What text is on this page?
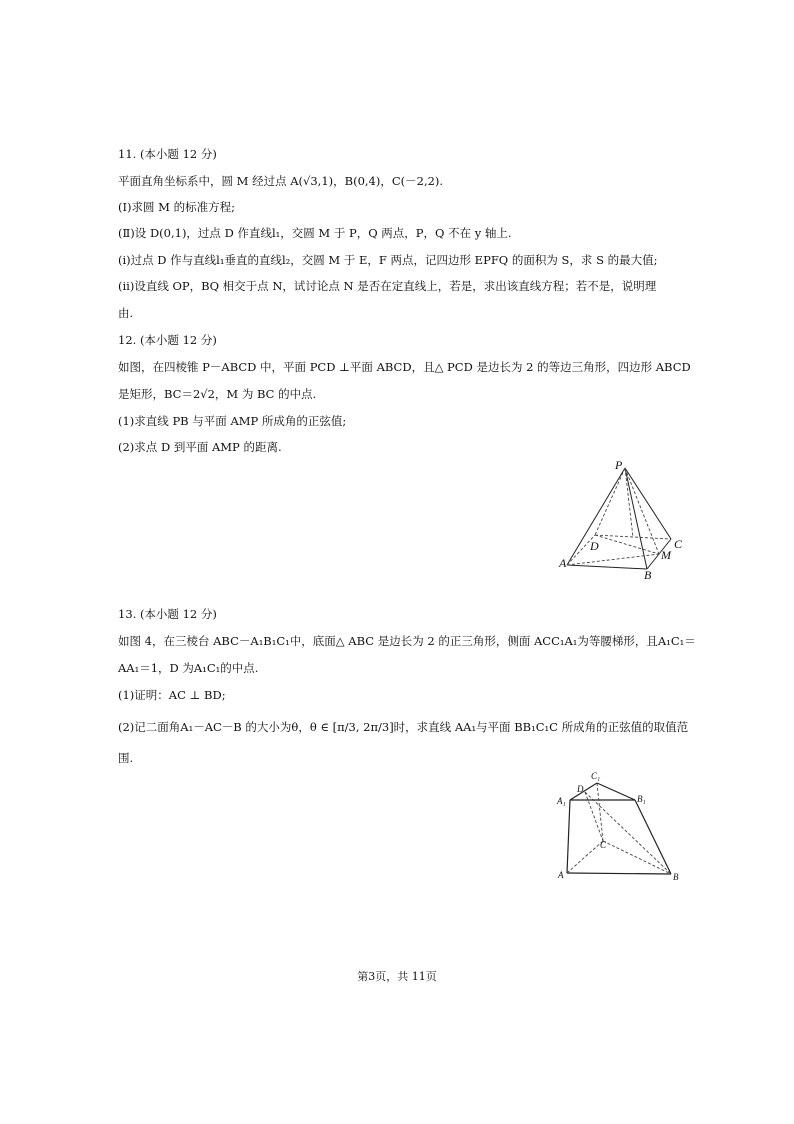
11. (本小题 12 分)
平面直角坐标系中，圆 M 经过点 A(√3,1)，B(0,4)，C(－2,2).
(Ⅰ)求圆 M 的标准方程;
(Ⅱ)设 D(0,1)，过点 D 作直线l₁，交圆 M 于 P，Q 两点，P，Q 不在 y 轴上.
(ⅰ)过点 D 作与直线l₁垂直的直线l₂，交圆 M 于 E，F 两点，记四边形 EPFQ 的面积为 S，求 S 的最大值;
(ⅱ)设直线 OP，BQ 相交于点 N，试讨论点 N 是否在定直线上，若是，求出该直线方程；若不是，说明理
由.
12. (本小题 12 分)
如图，在四棱锥 P－ABCD 中，平面 PCD ⊥平面 ABCD，且△ PCD 是边长为 2 的等边三角形，四边形 ABCD
是矩形，BC＝2√2，M 为 BC 的中点.
(1)求直线 PB 与平面 AMP 所成角的正弦值;
(2)求点 D 到平面 AMP 的距离.
P
D	C
M
A
B
13. (本小题 12 分)
如图 4，在三棱台 ABC－A₁B₁C₁中，底面△ ABC 是边长为 2 的正三角形，侧面 ACC₁A₁为等腰梯形，且A₁C₁＝
AA₁＝1，D 为A₁C₁的中点.
(1)证明：AC ⊥ BD;
(2)记二面角A₁－AC－B 的大小为θ，θ ∈ [π/3, 2π/3]时，求直线 AA₁与平面 BB₁C₁C 所成角的正弦值的取值范
围.
C₁
D
A₁	B₁
C
A	B
第3页，共 11页
